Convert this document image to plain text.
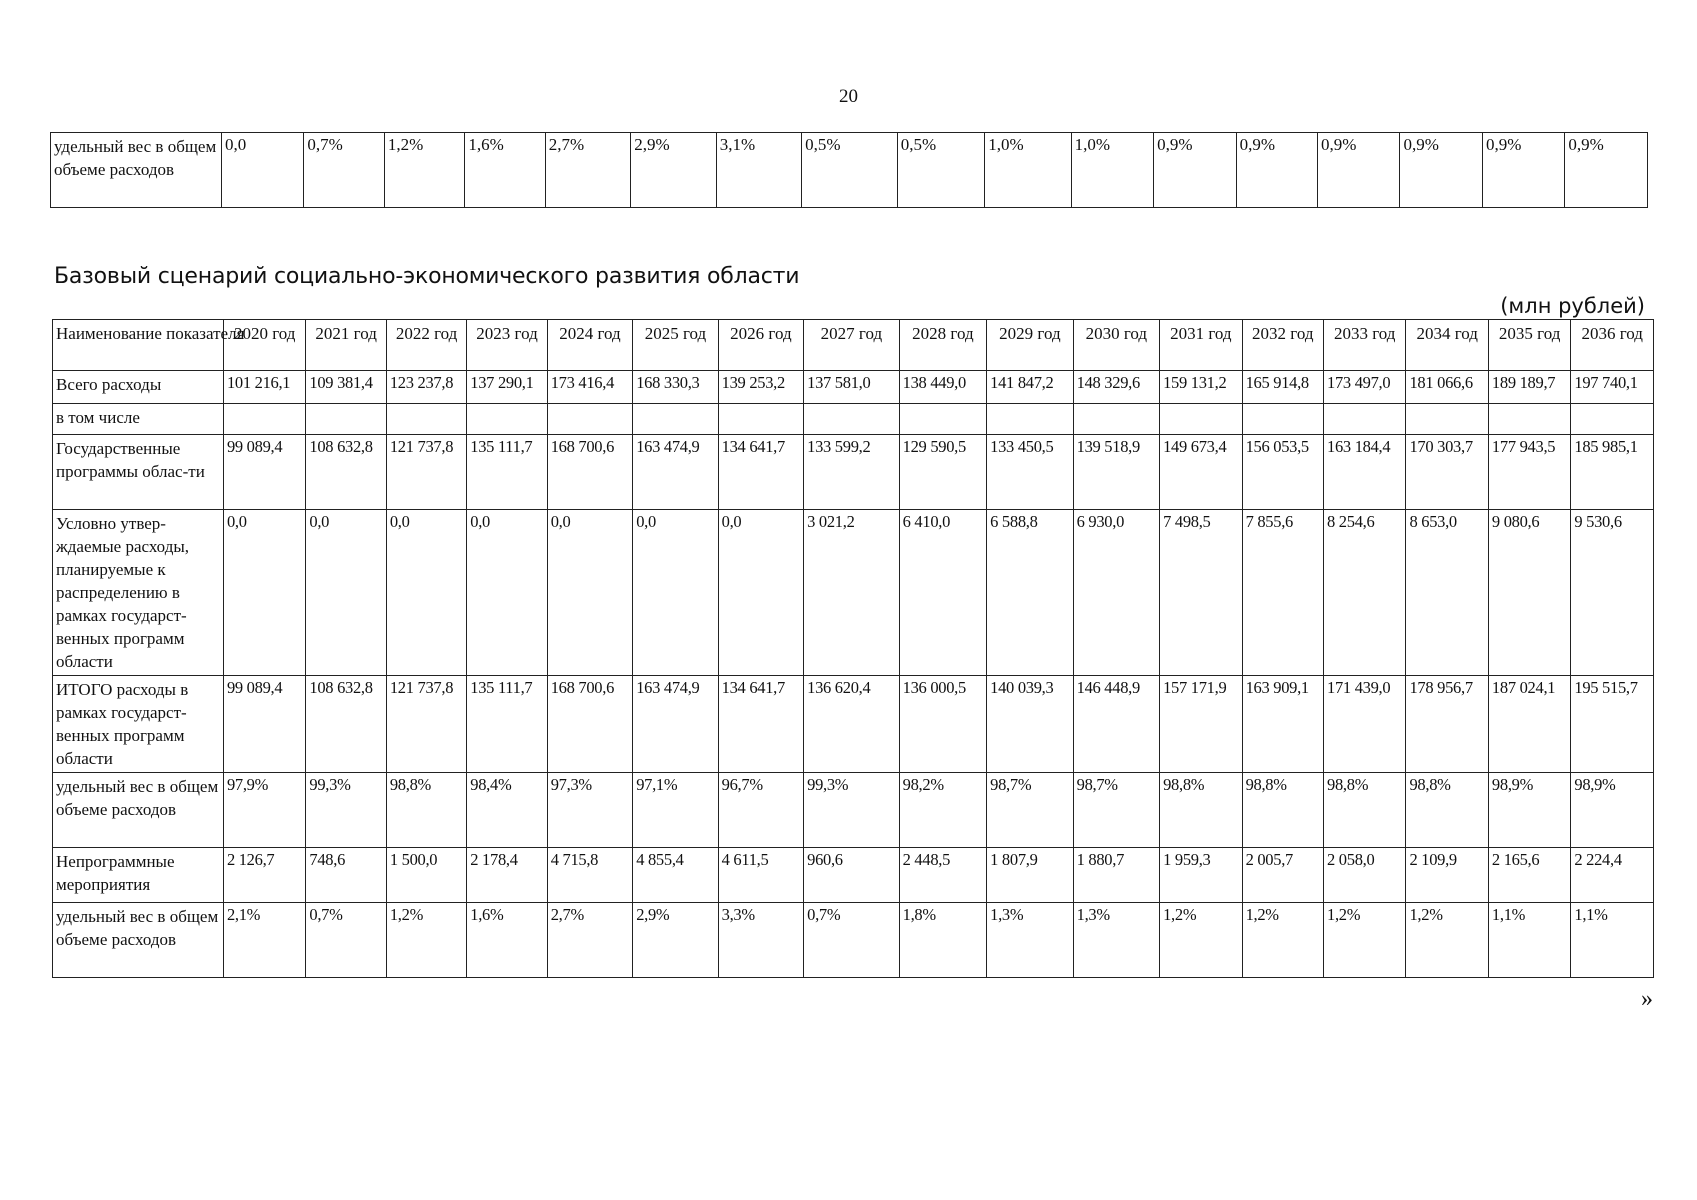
20
удельный вес в общем объеме расходов	0,0	0,7%	1,2%	1,6%	2,7%	2,9%	3,1%	0,5%	0,5%	1,0%	1,0%	0,9%	0,9%	0,9%	0,9%	0,9%	0,9%
Базовый сценарий социально-экономического развития области
(млн рублей)
Наименование показателя	2020 год	2021 год	2022 год	2023 год	2024 год	2025 год	2026 год	2027 год	2028 год	2029 год	2030 год	2031 год	2032 год	2033 год	2034 год	2035 год	2036 год
Всего расходы	101 216,1	109 381,4	123 237,8	137 290,1	173 416,4	168 330,3	139 253,2	137 581,0	138 449,0	141 847,2	148 329,6	159 131,2	165 914,8	173 497,0	181 066,6	189 189,7	197 740,1
в том числе																	
Государственные программы облас-ти	99 089,4	108 632,8	121 737,8	135 111,7	168 700,6	163 474,9	134 641,7	133 599,2	129 590,5	133 450,5	139 518,9	149 673,4	156 053,5	163 184,4	170 303,7	177 943,5	185 985,1
Условно утвер-ждаемые расходы, планируемые к распределению в рамках государст-венных программ области	0,0	0,0	0,0	0,0	0,0	0,0	0,0	3 021,2	6 410,0	6 588,8	6 930,0	7 498,5	7 855,6	8 254,6	8 653,0	9 080,6	9 530,6
ИТОГО расходы в рамках государст-венных программ области	99 089,4	108 632,8	121 737,8	135 111,7	168 700,6	163 474,9	134 641,7	136 620,4	136 000,5	140 039,3	146 448,9	157 171,9	163 909,1	171 439,0	178 956,7	187 024,1	195 515,7
удельный вес в общем объеме расходов	97,9%	99,3%	98,8%	98,4%	97,3%	97,1%	96,7%	99,3%	98,2%	98,7%	98,7%	98,8%	98,8%	98,8%	98,8%	98,9%	98,9%
Непрограммные мероприятия	2 126,7	748,6	1 500,0	2 178,4	4 715,8	4 855,4	4 611,5	960,6	2 448,5	1 807,9	1 880,7	1 959,3	2 005,7	2 058,0	2 109,9	2 165,6	2 224,4
удельный вес в общем объеме расходов	2,1%	0,7%	1,2%	1,6%	2,7%	2,9%	3,3%	0,7%	1,8%	1,3%	1,3%	1,2%	1,2%	1,2%	1,2%	1,1%	1,1%
»
